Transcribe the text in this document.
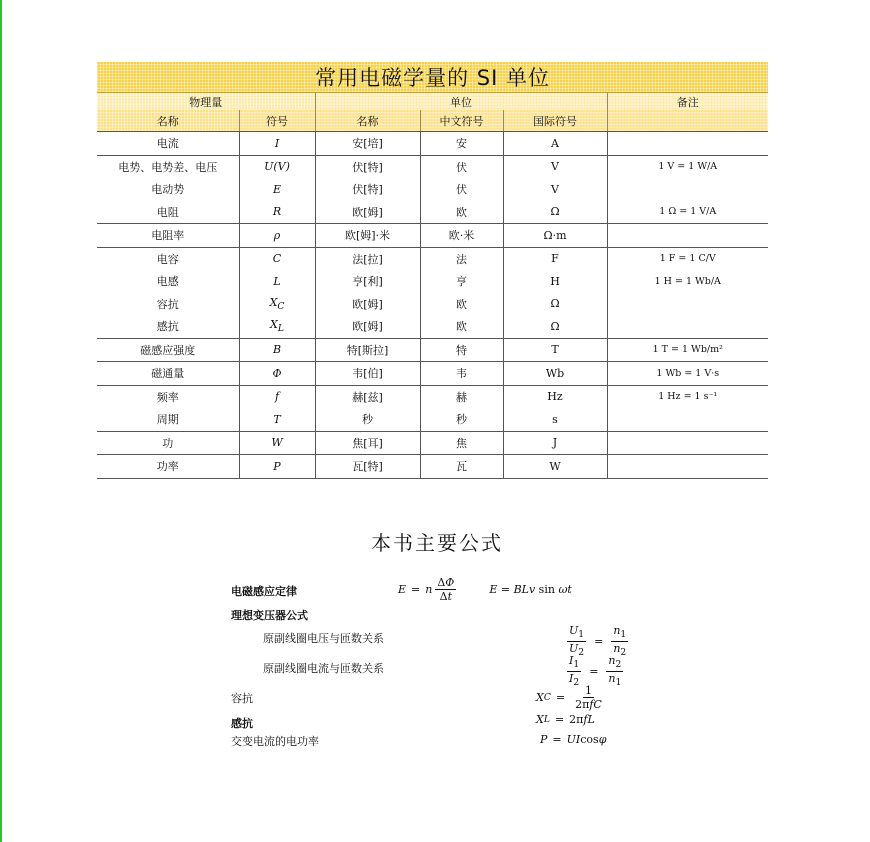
常用电磁学量的 SI 单位					
物理量		单位			备注
名称	符号	名称	中文符号	国际符号	
电流	I	安[培]	安	A	
电势、电势差、电压	U(V)	伏[特]	伏	V	1 V = 1 W/A
电动势	E	伏[特]	伏	V	
电阻	R	欧[姆]	欧	Ω	1 Ω = 1 V/A
电阻率	ρ	欧[姆]·米	欧·米	Ω·m	
电容	C	法[拉]	法	F	1 F = 1 C/V
电感	L	亨[利]	亨	H	1 H = 1 Wb/A
容抗	$X_C$	欧[姆]	欧	Ω	
感抗	$X_L$	欧[姆]	欧	Ω	
磁感应强度	B	特[斯拉]	特	T	1 T = 1 Wb/m²
磁通量	Φ	韦[伯]	韦	Wb	1 Wb = 1 V·s
频率	f	赫[兹]	赫	Hz	1 Hz = 1 s⁻¹
周期	T	秒	秒	s	
功	W	焦[耳]	焦	J	
功率	P	瓦[特]	瓦	W	
本书主要公式
电磁感应定律	E = n $\frac{\Delta\Phi}{\Delta t}$	E = BLv sin ωt
理想变压器公式
原副线圈电压与匝数关系	$\frac{U_1}{U_2} = \frac{n_1}{n_2}$
原副线圈电流与匝数关系	$\frac{I_1}{I_2} = \frac{n_2}{n_1}$
容抗	X $C = \frac{1}{\text{2πfC}}$
感抗	X L = 2π fL
交变电流的电功率	P = UI cos φ
